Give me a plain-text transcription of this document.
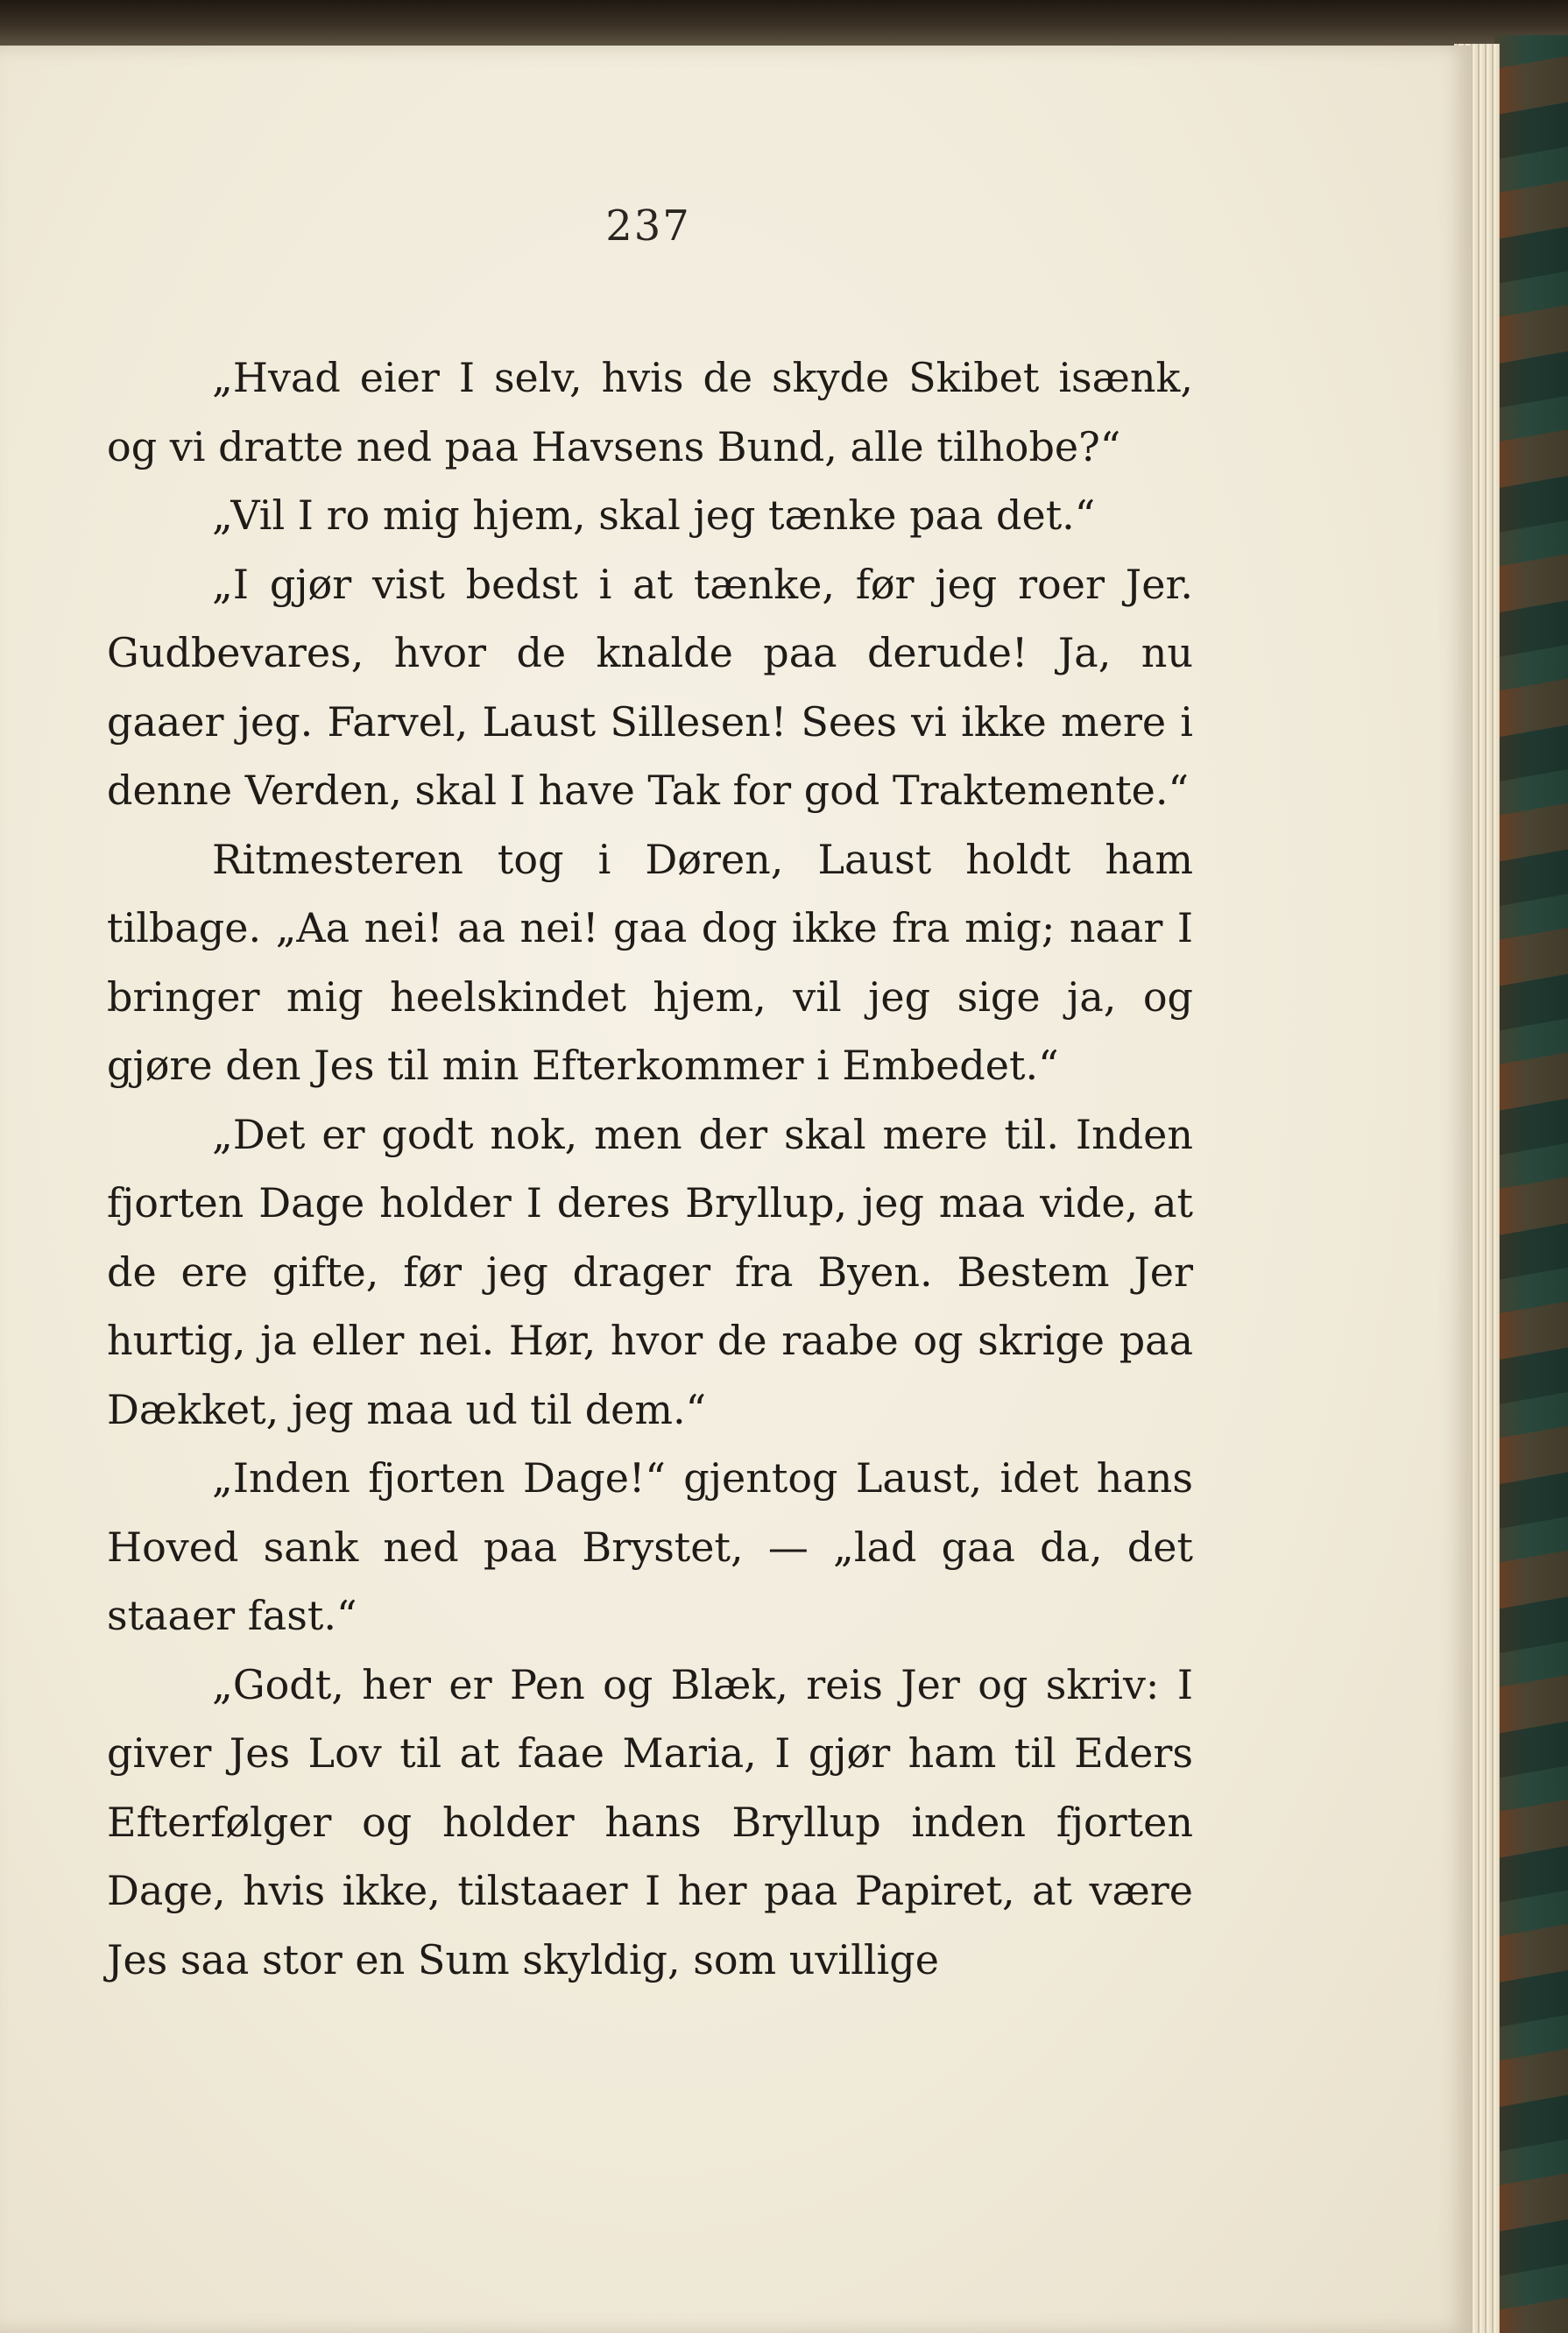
237

„Hvad eier I selv, hvis de skyde Skibet isænk, og vi dratte ned paa Havsens Bund, alle tilhobe?“

„Vil I ro mig hjem, skal jeg tænke paa det.“

„I gjør vist bedst i at tænke, før jeg roer Jer. Gudbevares, hvor de knalde paa derude! Ja, nu gaaer jeg. Farvel, Laust Sillesen! Sees vi ikke mere i denne Verden, skal I have Tak for god Traktemente.“

Ritmesteren tog i Døren, Laust holdt ham tilbage. „Aa nei! aa nei! gaa dog ikke fra mig; naar I bringer mig heelskindet hjem, vil jeg sige ja, og gjøre den Jes til min Efterkommer i Embedet.“

„Det er godt nok, men der skal mere til. Inden fjorten Dage holder I deres Bryllup, jeg maa vide, at de ere gifte, før jeg drager fra Byen. Bestem Jer hurtig, ja eller nei. Hør, hvor de raabe og skrige paa Dækket, jeg maa ud til dem.“

„Inden fjorten Dage!“ gjentog Laust, idet hans Hoved sank ned paa Brystet, — „lad gaa da, det staaer fast.“

„Godt, her er Pen og Blæk, reis Jer og skriv: I giver Jes Lov til at faae Maria, I gjør ham til Eders Efterfølger og holder hans Bryllup inden fjorten Dage, hvis ikke, tilstaaer I her paa Papiret, at være Jes saa stor en Sum skyldig, som uvillige
